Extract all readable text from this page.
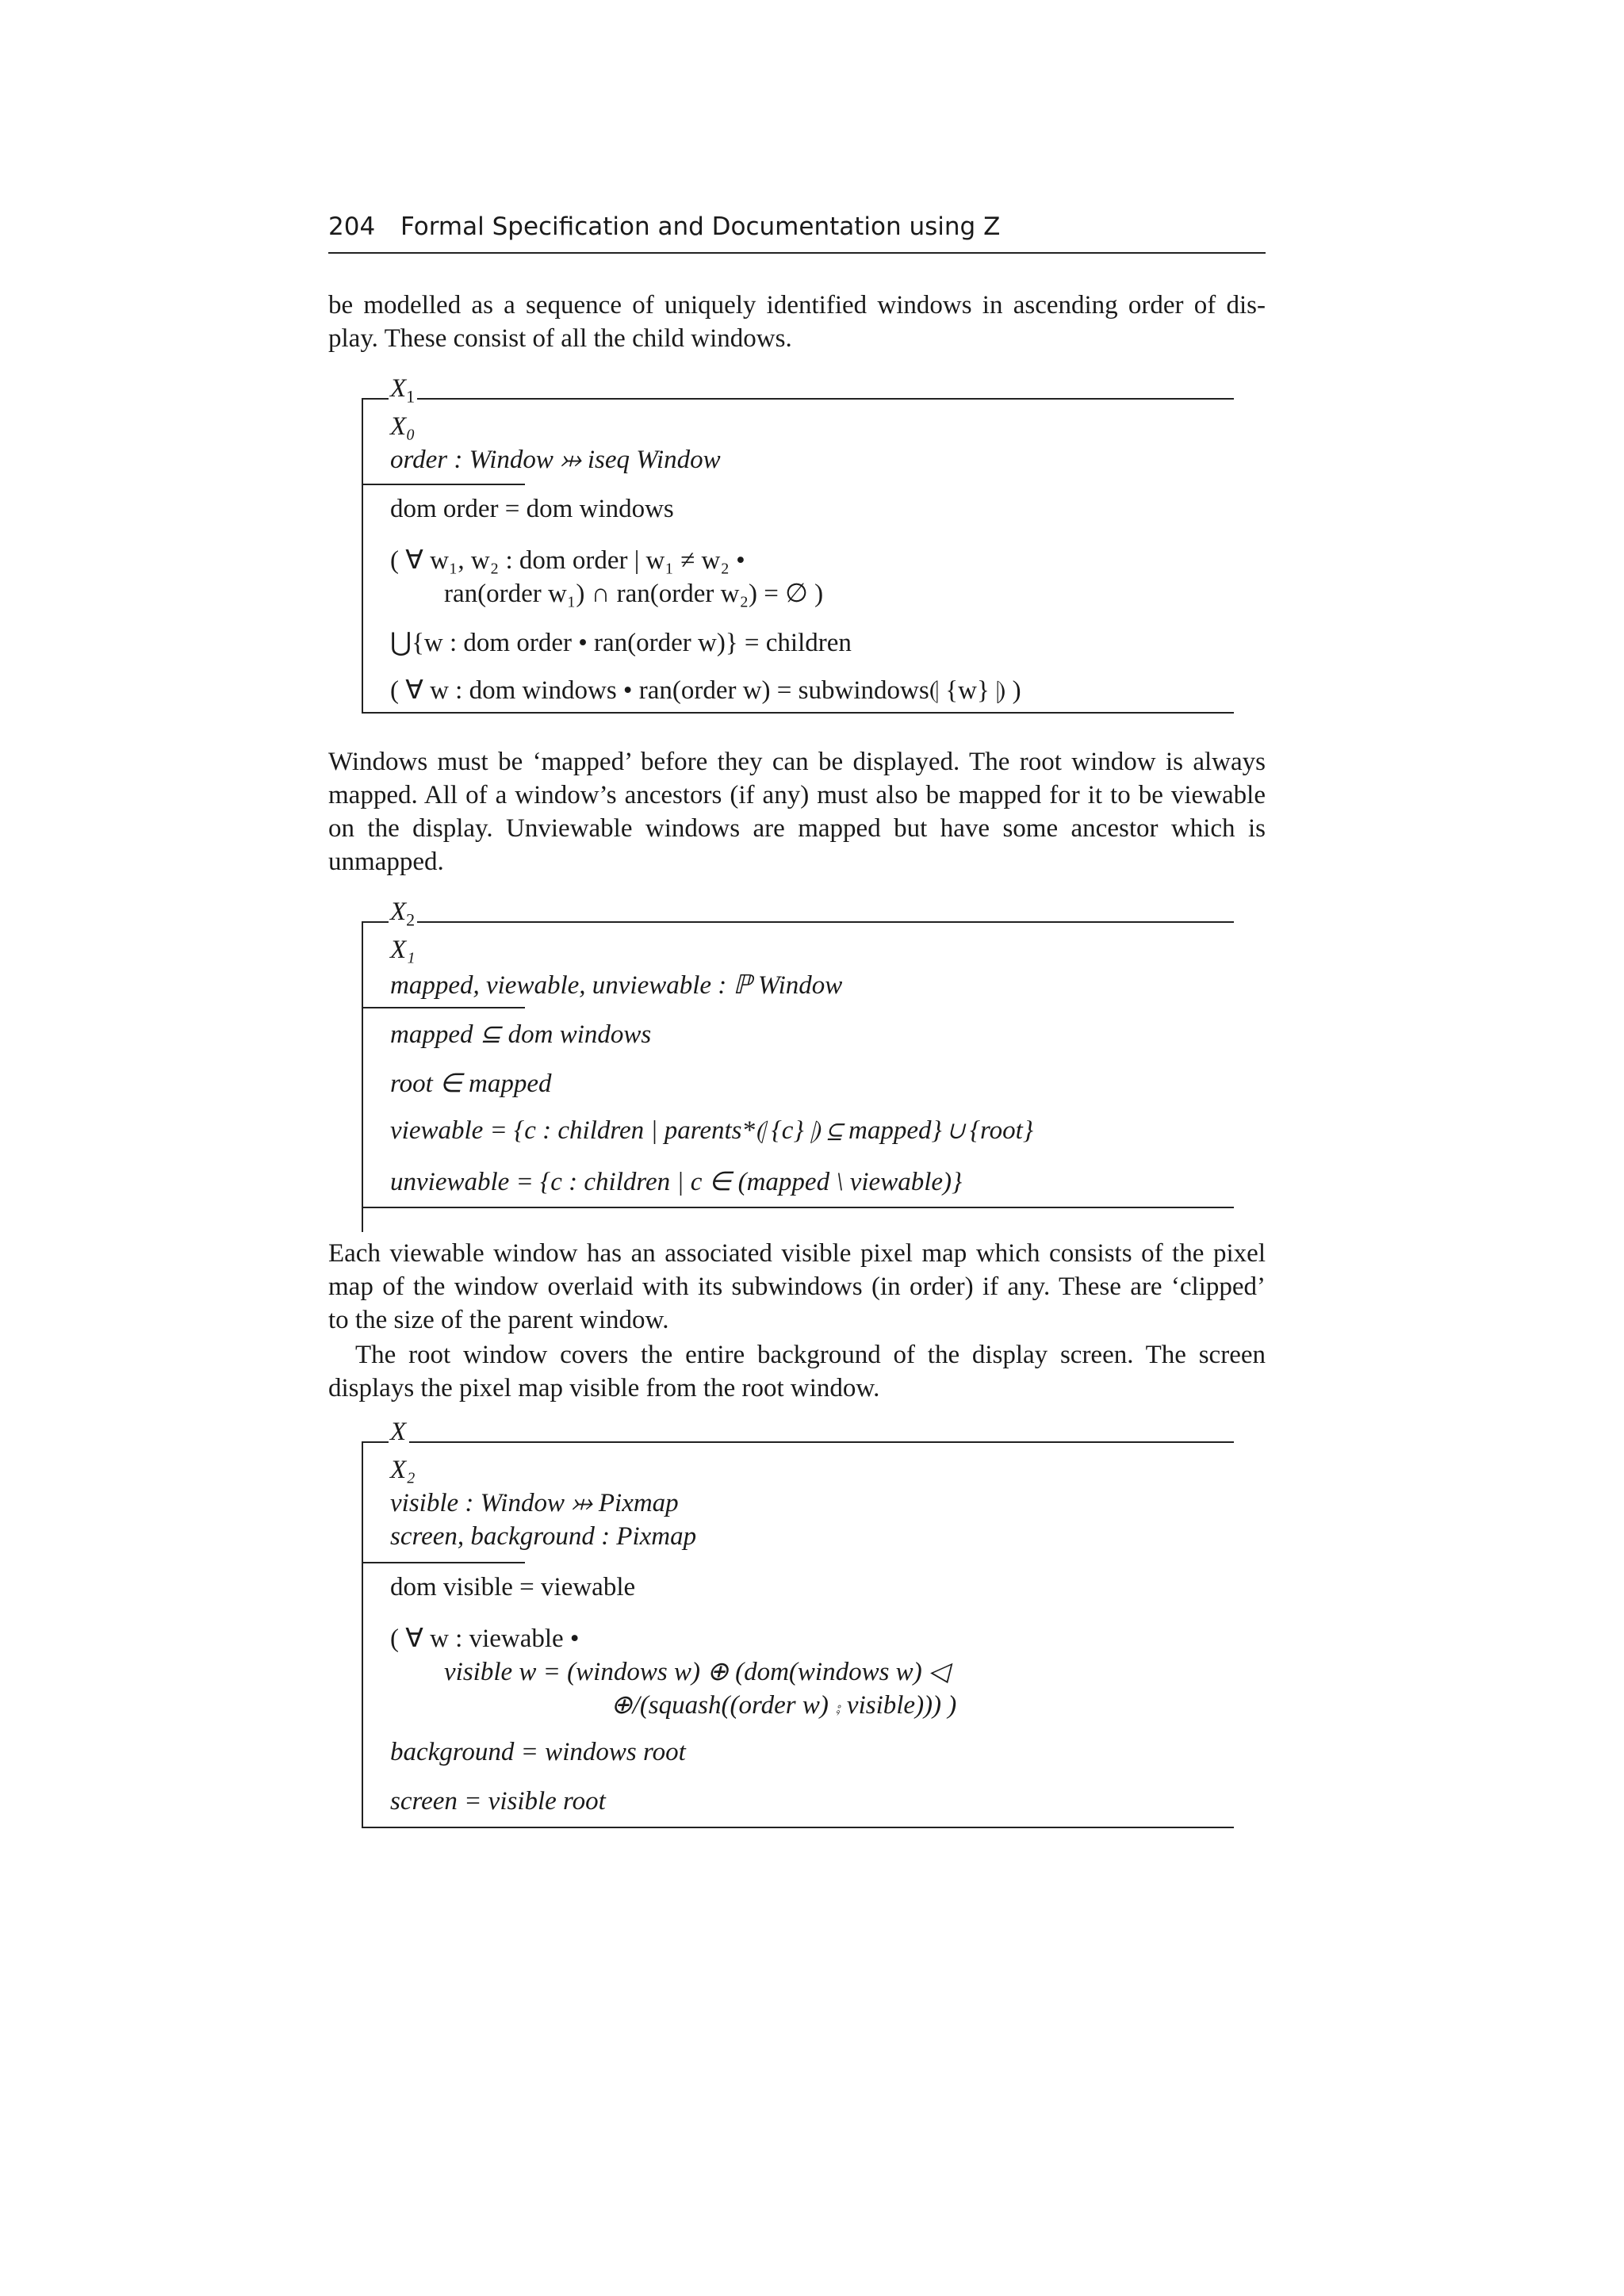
204 Formal Specification and Documentation using Z
be modelled as a sequence of uniquely identified windows in ascending order of dis-
play. These consist of all the child windows.
$X_1$
X₀
order : Window ⤔ iseq Window
dom order = dom windows
( ∀ w₁, w₂ : dom order | w₁ ≠ w₂ •
ran(order w₁) ∩ ran(order w₂) = ∅ )
⋃{w : dom order • ran(order w)} = children
( ∀ w : dom windows • ran(order w) = subwindows⦇ {w} ⦈ )
Windows must be ‘mapped’ before they can be displayed. The root window is always
mapped. All of a window’s ancestors (if any) must also be mapped for it to be viewable
on the display. Unviewable windows are mapped but have some ancestor which is
unmapped.
$X_2$
X₁
mapped, viewable, unviewable : ℙ Window
mapped ⊆ dom windows
root ∈ mapped
viewable = {c : children | parents*⦇ {c} ⦈ ⊆ mapped} ∪ {root}
unviewable = {c : children | c ∈ (mapped \ viewable)}
Each viewable window has an associated visible pixel map which consists of the pixel
map of the window overlaid with its subwindows (in order) if any. These are ‘clipped’
to the size of the parent window.
The root window covers the entire background of the display screen. The screen
displays the pixel map visible from the root window.
X
X₂
visible : Window ⤔ Pixmap
screen, background : Pixmap
dom visible = viewable
( ∀ w : viewable •
visible w = (windows w) ⊕ (dom(windows w) ◁
⊕/(squash((order w) ⨾ visible))) )
background = windows root
screen = visible root
